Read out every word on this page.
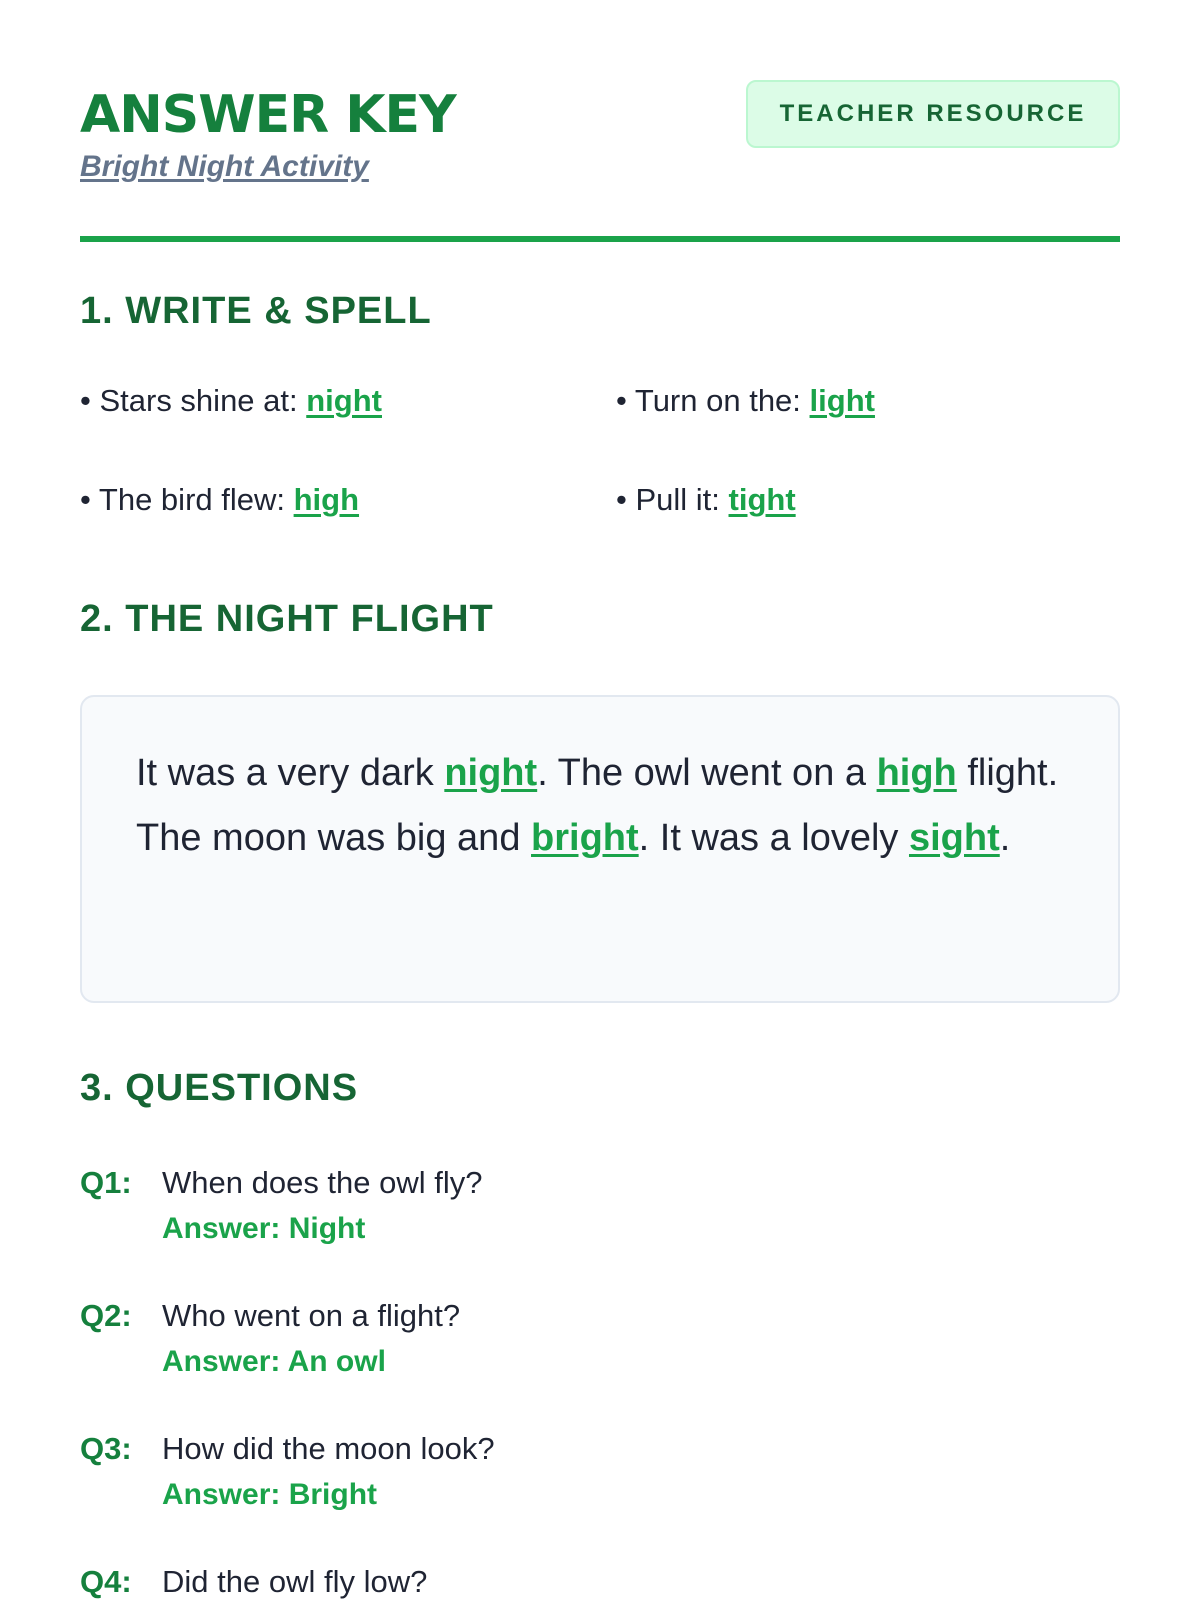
ANSWER KEY
Bright Night Activity
TEACHER RESOURCE
1. WRITE & SPELL
• Stars shine at: night	• Turn on the: light
• The bird flew: high	• Pull it: tight
2. THE NIGHT FLIGHT
It was a very dark night. The owl went on a high flight. The moon was big and bright. It was a lovely sight.
3. QUESTIONS
Q1: When does the owl fly?
Answer: Night
Q2: Who went on a flight?
Answer: An owl
Q3: How did the moon look?
Answer: Bright
Q4: Did the owl fly low?
